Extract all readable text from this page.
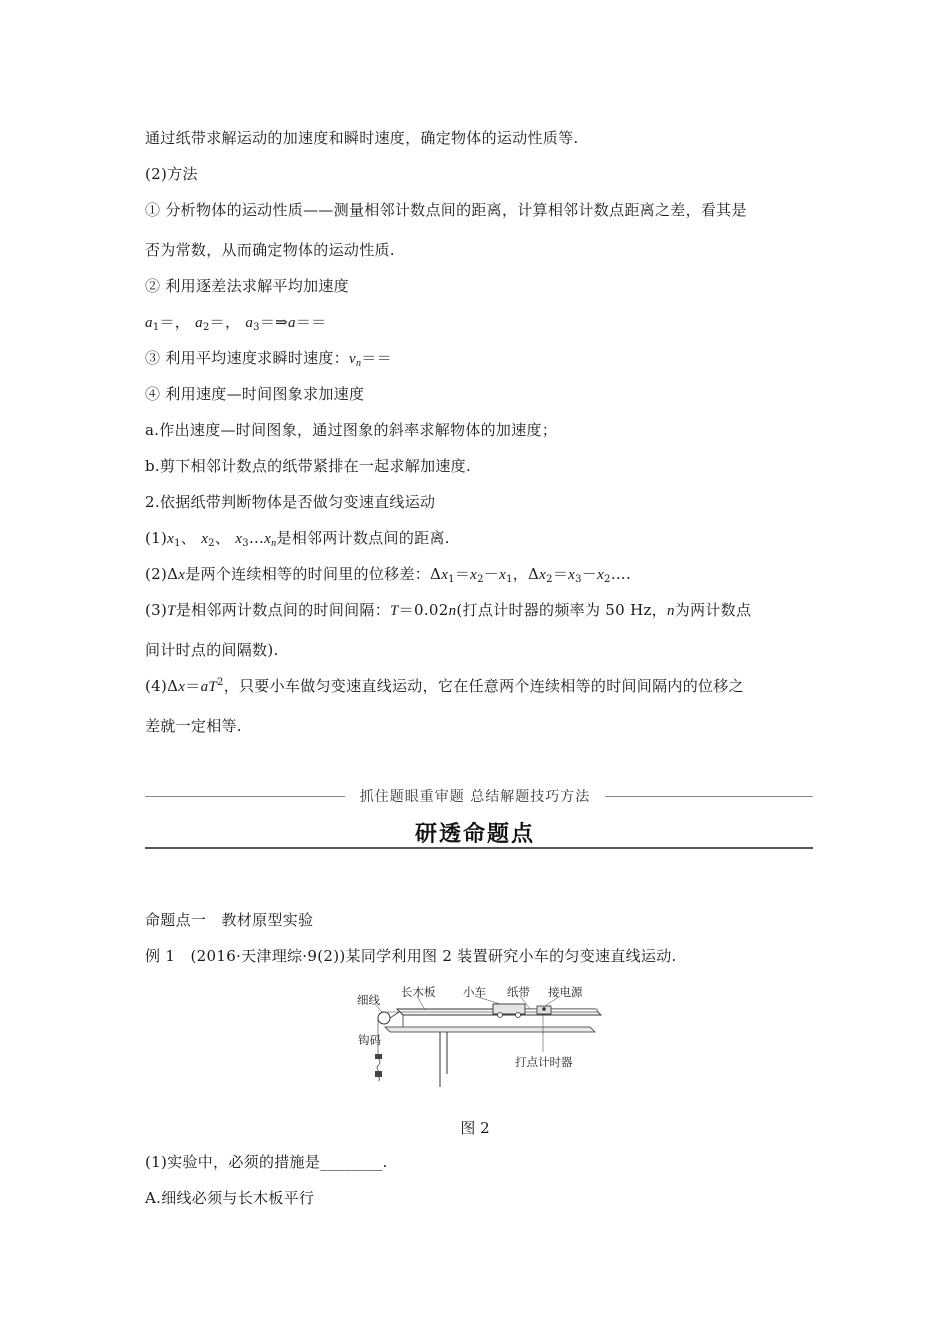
通过纸带求解运动的加速度和瞬时速度，确定物体的运动性质等.
(2)方法
① 分析物体的运动性质——测量相邻计数点间的距离，计算相邻计数点距离之差，看其是
否为常数，从而确定物体的运动性质.
② 利用逐差法求解平均加速度
$a_1=$， $a_2=$， $a_3=\Rightarrow a==$
③ 利用平均速度求瞬时速度：$v_n==$
④ 利用速度—时间图象求加速度
a.作出速度—时间图象，通过图象的斜率求解物体的加速度；
b.剪下相邻计数点的纸带紧排在一起求解加速度.
2.依据纸带判断物体是否做匀变速直线运动
$(1)x_1$、 $x_2$、 $x_3\dots x_n$是相邻两计数点间的距离.
(2)Δx是两个连续相等的时间里的位移差：$\Delta x_1=x_2-x_1$，$\Delta x_2=x_3-x_2\dots$.
(3)T是相邻两计数点间的时间间隔：T＝0.02n(打点计时器的频率为 50 Hz，n为两计数点
间计时点的间隔数).
$(4)\Delta x=aT^2$，只要小车做匀变速直线运动，它在任意两个连续相等的时间间隔内的位移之
差就一定相等.
抓住题眼重审题 总结解题技巧方法
研透命题点
命题点一　教材原型实验
例 1　(2016·天津理综·9(2))某同学利用图 2 装置研究小车的匀变速直线运动.
细线
长木板 小车 纸带 接电源
钩码
打点计时器
图 2
(1)实验中，必须的措施是________.
A.细线必须与长木板平行
